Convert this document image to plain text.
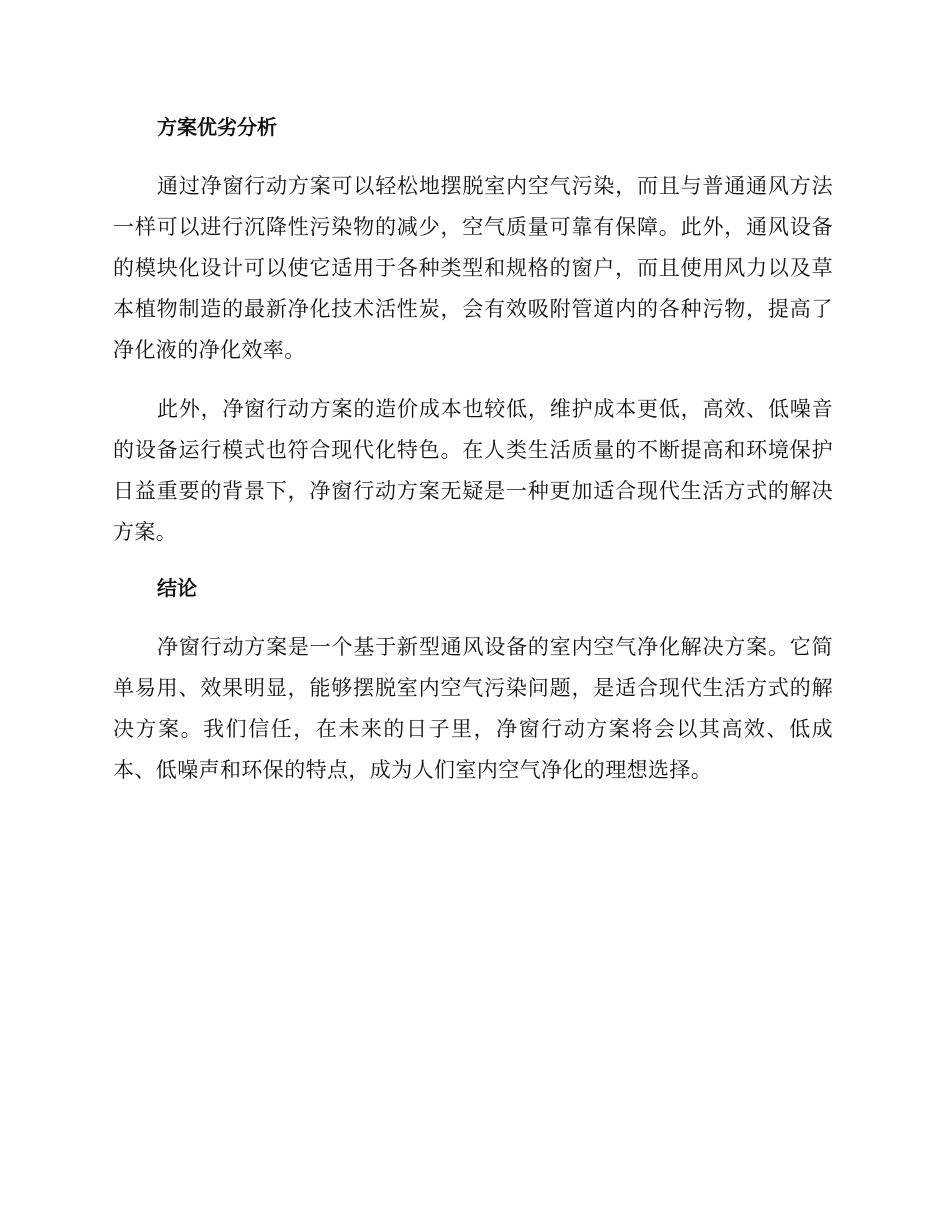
方案优劣分析

通过净窗行动方案可以轻松地摆脱室内空气污染，而且与普通通风方法一样可以进行沉降性污染物的减少，空气质量可靠有保障。此外，通风设备的模块化设计可以使它适用于各种类型和规格的窗户，而且使用风力以及草本植物制造的最新净化技术活性炭，会有效吸附管道内的各种污物，提高了净化液的净化效率。

此外，净窗行动方案的造价成本也较低，维护成本更低，高效、低噪音的设备运行模式也符合现代化特色。在人类生活质量的不断提高和环境保护日益重要的背景下，净窗行动方案无疑是一种更加适合现代生活方式的解决方案。

结论

净窗行动方案是一个基于新型通风设备的室内空气净化解决方案。它简单易用、效果明显，能够摆脱室内空气污染问题，是适合现代生活方式的解决方案。我们信任，在未来的日子里，净窗行动方案将会以其高效、低成本、低噪声和环保的特点，成为人们室内空气净化的理想选择。
